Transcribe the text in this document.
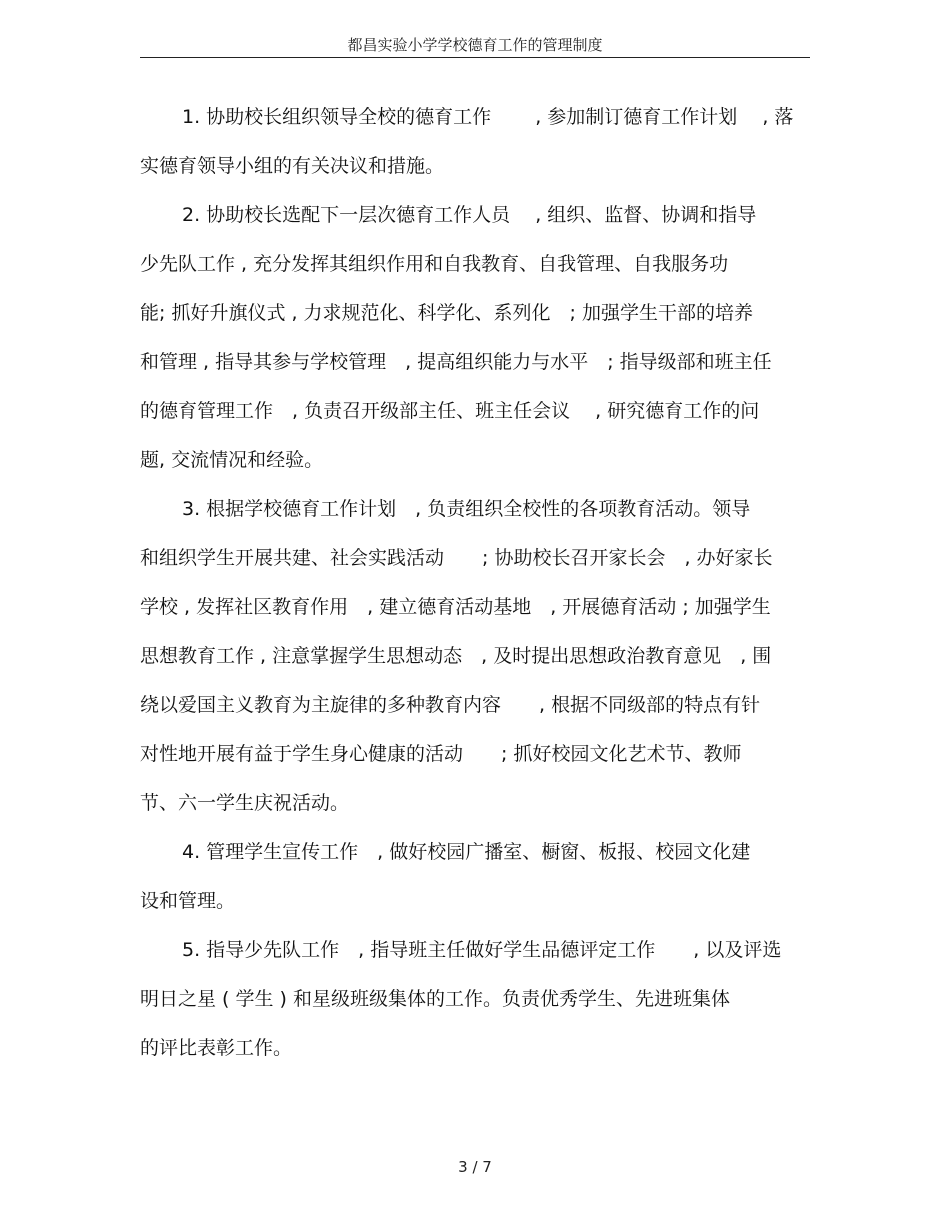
都昌实验小学学校德育工作的管理制度
1. 协助校长组织领导全校的德育工作　　 , 参加制订德育工作计划　 , 落
实德育领导小组的有关决议和措施。
2. 协助校长选配下一层次德育工作人员　 , 组织、监督、协调和指导
少先队工作 , 充分发挥其组织作用和自我教育、自我管理、自我服务功
能; 抓好升旗仪式 , 力求规范化、科学化、系列化　; 加强学生干部的培养
和管理 , 指导其参与学校管理　, 提高组织能力与水平　; 指导级部和班主任
的德育管理工作　, 负责召开级部主任、班主任会议　 , 研究德育工作的问
题, 交流情况和经验。
3. 根据学校德育工作计划　, 负责组织全校性的各项教育活动。领导
和组织学生开展共建、社会实践活动　　; 协助校长召开家长会　, 办好家长
学校 , 发挥社区教育作用　, 建立德育活动基地　, 开展德育活动 ; 加强学生
思想教育工作 , 注意掌握学生思想动态　, 及时提出思想政治教育意见　, 围
绕以爱国主义教育为主旋律的多种教育内容　　, 根据不同级部的特点有针
对性地开展有益于学生身心健康的活动　　; 抓好校园文化艺术节、教师
节、六一学生庆祝活动。
4. 管理学生宣传工作　, 做好校园广播室、橱窗、板报、校园文化建
设和管理。
5. 指导少先队工作　, 指导班主任做好学生品德评定工作　　, 以及评选
明日之星 ( 学生 ) 和星级班级集体的工作。负责优秀学生、先进班集体
的评比表彰工作。
3 / 7
